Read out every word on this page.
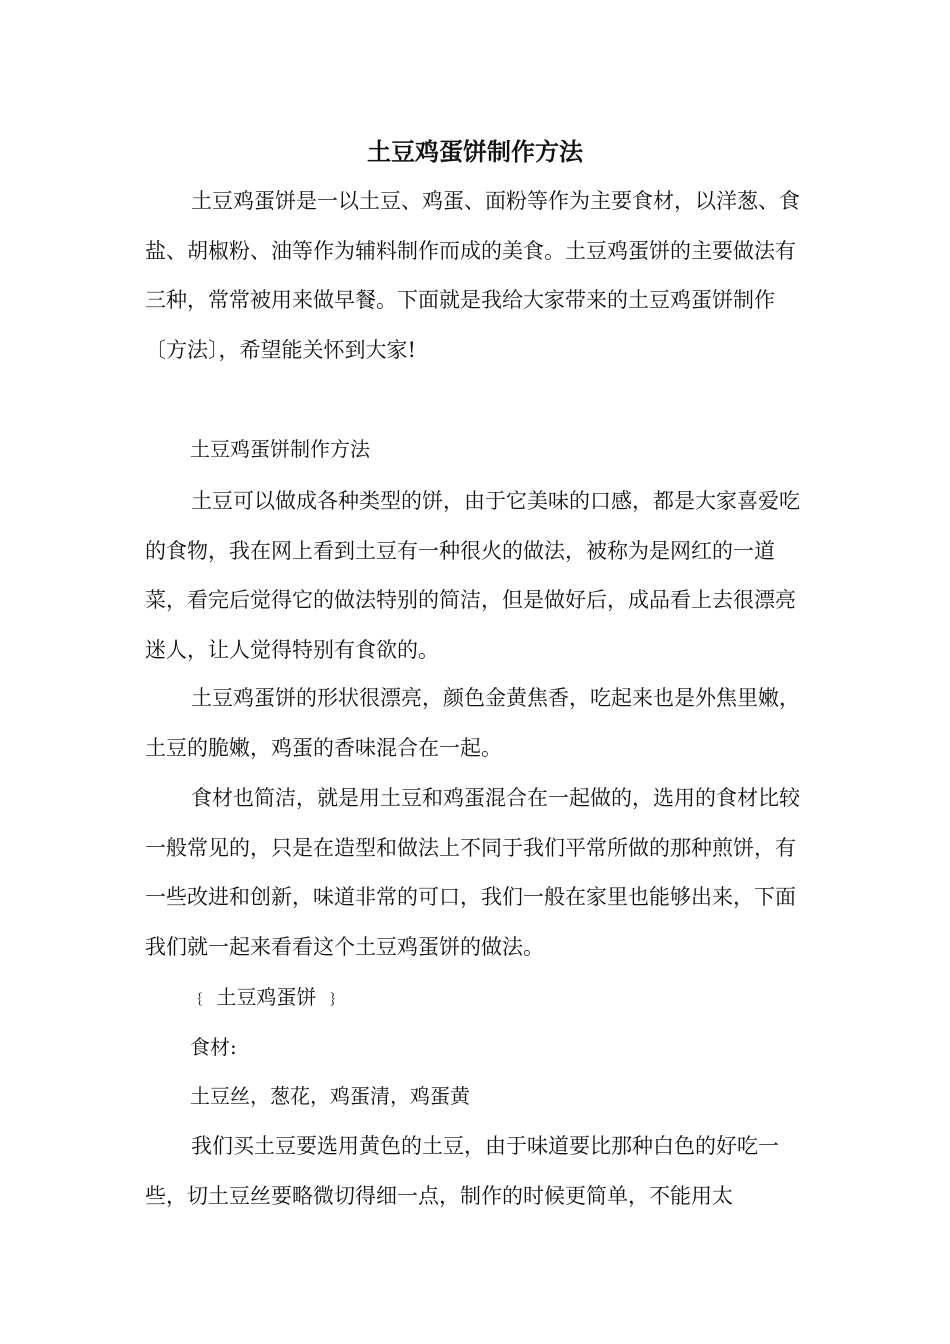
土豆鸡蛋饼制作方法

土豆鸡蛋饼是一以土豆、鸡蛋、面粉等作为主要食材，以洋葱、食盐、胡椒粉、油等作为辅料制作而成的美食。土豆鸡蛋饼的主要做法有三种，常常被用来做早餐。下面就是我给大家带来的土豆鸡蛋饼制作〔方法〕，希望能关怀到大家!

土豆鸡蛋饼制作方法

土豆可以做成各种类型的饼，由于它美味的口感，都是大家喜爱吃的食物，我在网上看到土豆有一种很火的做法，被称为是网红的一道菜，看完后觉得它的做法特别的简洁，但是做好后，成品看上去很漂亮迷人，让人觉得特别有食欲的。

土豆鸡蛋饼的形状很漂亮，颜色金黄焦香，吃起来也是外焦里嫩，土豆的脆嫩，鸡蛋的香味混合在一起。

食材也简洁，就是用土豆和鸡蛋混合在一起做的，选用的食材比较一般常见的，只是在造型和做法上不同于我们平常所做的那种煎饼，有一些改进和创新，味道非常的可口，我们一般在家里也能够出来，下面我们就一起来看看这个土豆鸡蛋饼的做法。

﹛ 土豆鸡蛋饼 ﹜

食材:

土豆丝，葱花，鸡蛋清，鸡蛋黄

我们买土豆要选用黄色的土豆，由于味道要比那种白色的好吃一些，切土豆丝要略微切得细一点，制作的时候更简单，不能用太
